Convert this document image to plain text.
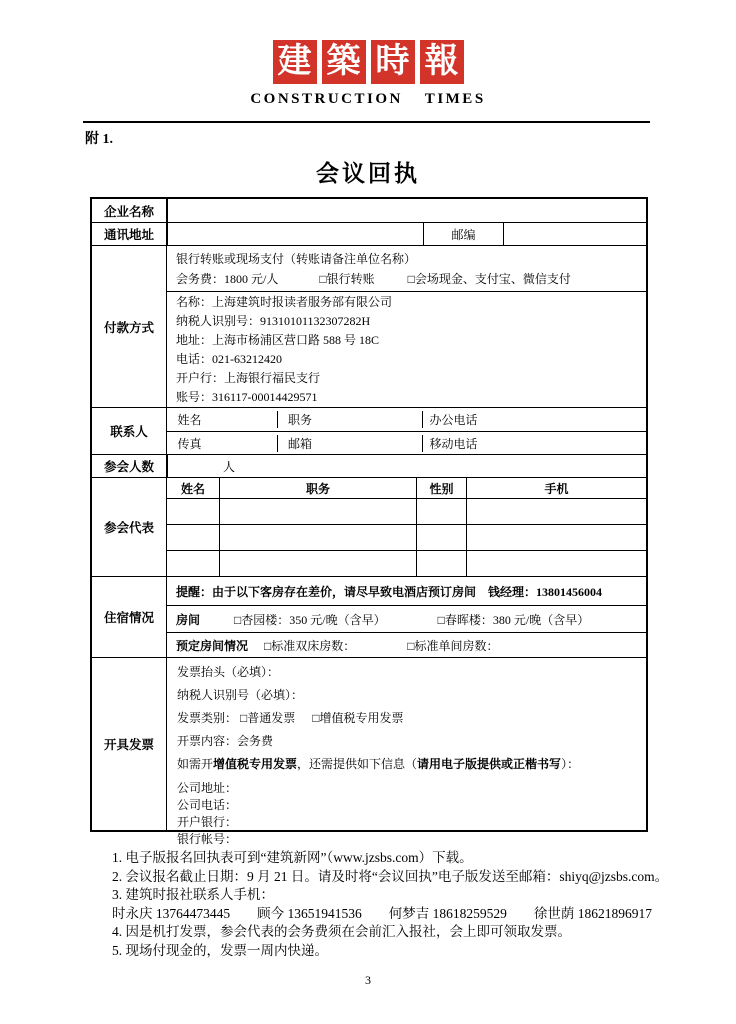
建 築 時 報
CONSTRUCTION TIMES
附 1.
会议回执
企业名称
通讯地址	邮编
付款方式
银行转账或现场支付（转账请备注单位名称）
会务费：1800 元/人	□银行转账	□会场现金、支付宝、微信支付
名称：上海建筑时报读者服务部有限公司
纳税人识别号：91310101132307282H
地址：上海市杨浦区营口路 588 号 18C
电话：021-63212420
开户行：上海银行福民支行
账号：316117-00014429571
联系人
姓名	职务	办公电话
传真	邮箱	移动电话
参会人数	人
参会代表
姓名	职务	性别	手机
住宿情况
提醒：由于以下客房存在差价，请尽早致电酒店预订房间 钱经理：13801456004
房间	□杏园楼：350 元/晚（含早）	□春晖楼：380 元/晚（含早）
预定房间情况 □标准双床房数：	□标准单间房数：
开具发票
发票抬头（必填）：
纳税人识别号（必填）：
发票类别： □普通发票 □增值税专用发票
开票内容：会务费
如需开增值税专用发票，还需提供如下信息（请用电子版提供或正楷书写）：
公司地址：
公司电话：
开户银行：
银行帐号：
1. 电子版报名回执表可到“建筑新网”（www.jzsbs.com）下载。
2. 会议报名截止日期：9 月 21 日。请及时将“会议回执”电子版发送至邮箱：shiyq@jzsbs.com。
3. 建筑时报社联系人手机：
时永庆 13764473445　　顾今 13651941536　　何梦吉 18618259529　　徐世荫 18621896917
4. 因是机打发票，参会代表的会务费须在会前汇入报社，会上即可领取发票。
5. 现场付现金的，发票一周内快递。
3
